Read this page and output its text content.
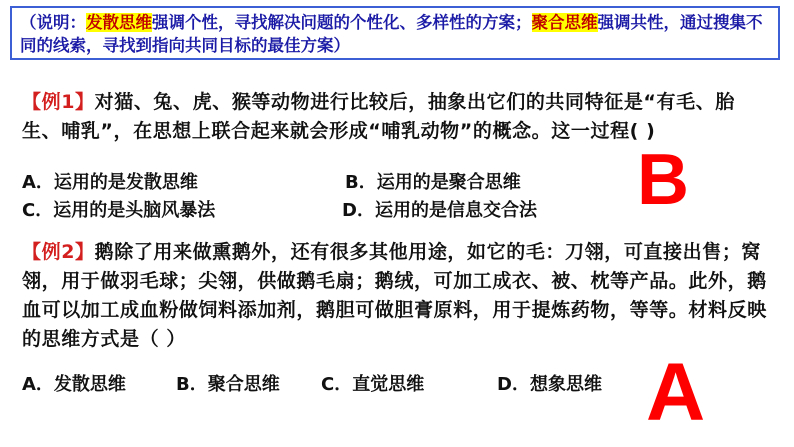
（说明：发散思维强调个性，寻找解决问题的个性化、多样性的方案；聚合思维强调共性，通过搜集不同的线索，寻找到指向共同目标的最佳方案）
【例1】对猫、兔、虎、猴等动物进行比较后，抽象出它们的共同特征是“有毛、胎生、哺乳”，在思想上联合起来就会形成“哺乳动物”的概念。这一过程( )
A．运用的是发散思维	B．运用的是聚合思维
C．运用的是头脑风暴法	D．运用的是信息交合法 B
【例2】鹅除了用来做熏鹅外，还有很多其他用途，如它的毛：刀翎，可直接出售；窝翎，用于做羽毛球；尖翎，供做鹅毛扇；鹅绒，可加工成衣、被、枕等产品。此外，鹅血可以加工成血粉做饲料添加剂，鹅胆可做胆膏原料，用于提炼药物，等等。材料反映的思维方式是（ ）
A．发散思维	B．聚合思维 C．直觉思维	D．想象思维 A
